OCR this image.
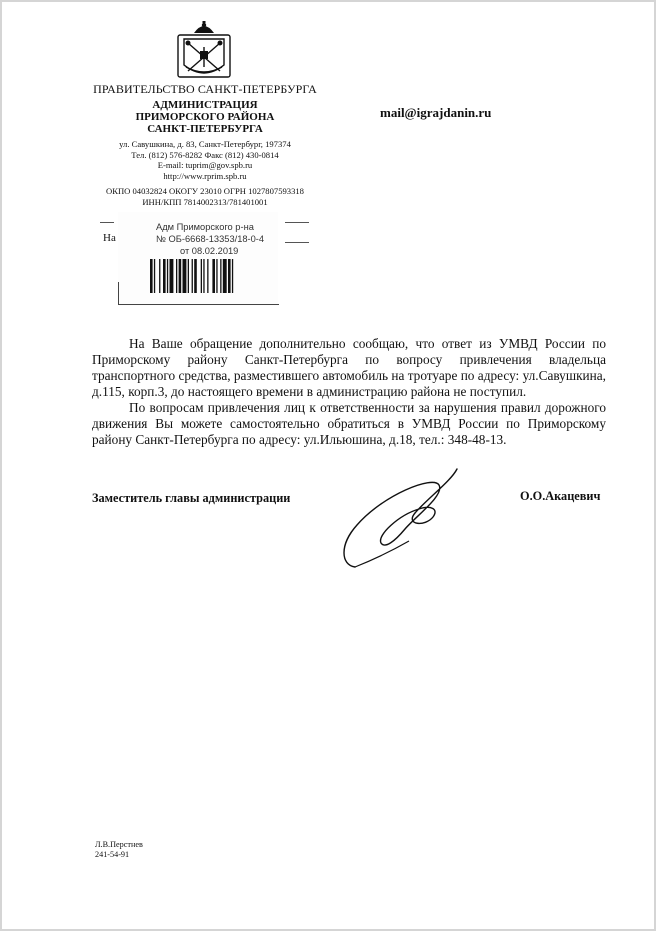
ПРАВИТЕЛЬСТВО САНКТ-ПЕТЕРБУРГА
АДМИНИСТРАЦИЯ
ПРИМОРСКОГО РАЙОНА
САНКТ-ПЕТЕРБУРГА
ул. Савушкина, д. 83, Санкт-Петербург, 197374
Тел. (812) 576-8282 Факс (812) 430-0814
E-mail: tuprim@gov.spb.ru
http://www.rprim.spb.ru
ОКПО 04032824 ОКОГУ 23010 ОГРН 1027807593318
ИНН/КПП 7814002313/781401001
mail@igrajdanin.ru
На
Адм Приморского р-на
№ ОБ-6668-13353/18-0-4
от 08.02.2019

На Ваше обращение дополнительно сообщаю, что ответ из УМВД России по Приморскому району Санкт-Петербурга по вопросу привлечения владельца транспортного средства, разместившего автомобиль на тротуаре по адресу: ул.Савушкина, д.115, корп.3, до настоящего времени в администрацию района не поступил.

По вопросам привлечения лиц к ответственности за нарушения правил дорожного движения Вы можете самостоятельно обратиться в УМВД России по Приморскому району Санкт-Петербурга по адресу: ул.Ильюшина, д.18, тел.: 348-48-13.

Заместитель главы администрации	О.О.Акацевич
Л.В.Перстнев
241-54-91
